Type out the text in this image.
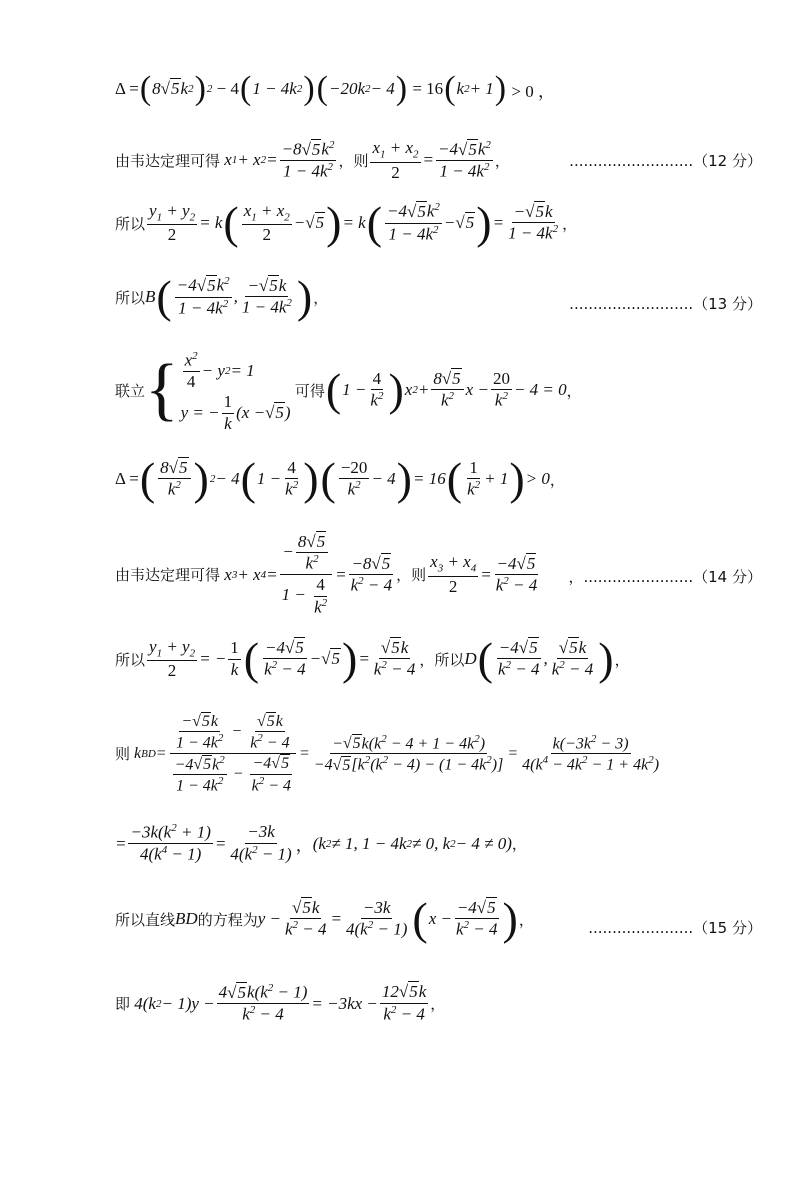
Δ = ( 8 √5 k 2 ) 2 − 4 ( 1 − 4k 2 ) ( −20k 2 − 4 ) = 16 ( k 2 + 1 ) > 0 ，
由韦达定理可得 x 1 + x $2 = \frac{-8√5k^2}{1 - 4k^2}$ ，则 $\frac{x_1 + x_2}{2} = \frac{-4√5k^2}{1 - 4k^2}$ ，	..........................（12 分）
所以 $\frac{y_1 + y_2}{2} = k$ ( $\frac{x_1 + x_2}{2} - √5$ ) = k ( $\frac{-4√5k^2}{1 - 4k^2} - √5$ ) = $\frac{-√5k}{1 - 4k^2}$ ，
所以 B ( $\frac{-4√5k^2}{1 - 4k^2}$ , $\frac{-√5k}{1 - 4k^2}$ ) ，	..........................（13 分）
联立 { $\frac{x^2}{4} - y$ 2 = 1
y = − $\frac{1}{k} (x - √5$ )

可得 ( $1 - \frac{4}{k^2}$ ) x $2 + \frac{8√5}{k^2}$ $x - \frac{20}{k^2} - 4 = 0$ ，
Δ = ( $\frac{8√5}{k^2}$ ) 2 − 4 ( $1 - \frac{4}{k^2}$ ) ( $\frac{-20}{k^2} - 4$ ) = 16 ( $\frac{1}{k^2} + 1$ ) > 0 ，
由韦达定理可得 x 3 + x $4 = \frac{- \frac{8√5}{k^2}}{1 - \frac{4}{k^2}} = \frac{-8√5}{k^2 - 4}$ ，则 $\frac{x_3 + x_4}{2} = \frac{-4√5}{k^2 - 4}$ ，.......................（14 分）
所以 $\frac{y_1 + y_2}{2}$ = − $\frac{1}{k}$ ( $\frac{-4√5}{k^2 - 4} - √5$ ) = $\frac{√5k}{k^2 - 4}$ ，所以 D ( $\frac{-4√5}{k^2 - 4}$ , $\frac{√5k}{k^2 - 4}$ ) ，
则 k BD = $\frac{\frac{-√5k}{1 - 4k^2} - \frac{√5k}{k^2 - 4}}{\frac{-4√5k^2}{1 - 4k^2} - \frac{-4√5}{k^2 - 4}} = \frac{-√5k(k^2 - 4 + 1 - 4k^2)}{-4√5[k^2(k^2 - 4) - (1 - 4k^2)]} = \frac{k(-3k^2 - 3)}{4(k^4 - 4k^2 - 1 + 4k^2)}$
= $\frac{-3k(k^2 + 1)}{4(k^4 - 1)} = \frac{-3k}{4(k^2 - 1)}$ ， (k 2 ≠ 1, 1 − 4k 2 ≠ 0, k 2 − 4 ≠ 0) ，
所以直线 BD 的方程为 $y - \frac{√5k}{k^2 - 4} = \frac{-3k}{4(k^2 - 1)}$ ( $x - \frac{-4√5}{k^2 - 4}$ ) ，	......................（15 分）
即 4(k $2 - 1)y - \frac{4√5k(k^2 - 1)}{k^2 - 4} = -3kx - \frac{12√5k}{k^2 - 4}$ ，
